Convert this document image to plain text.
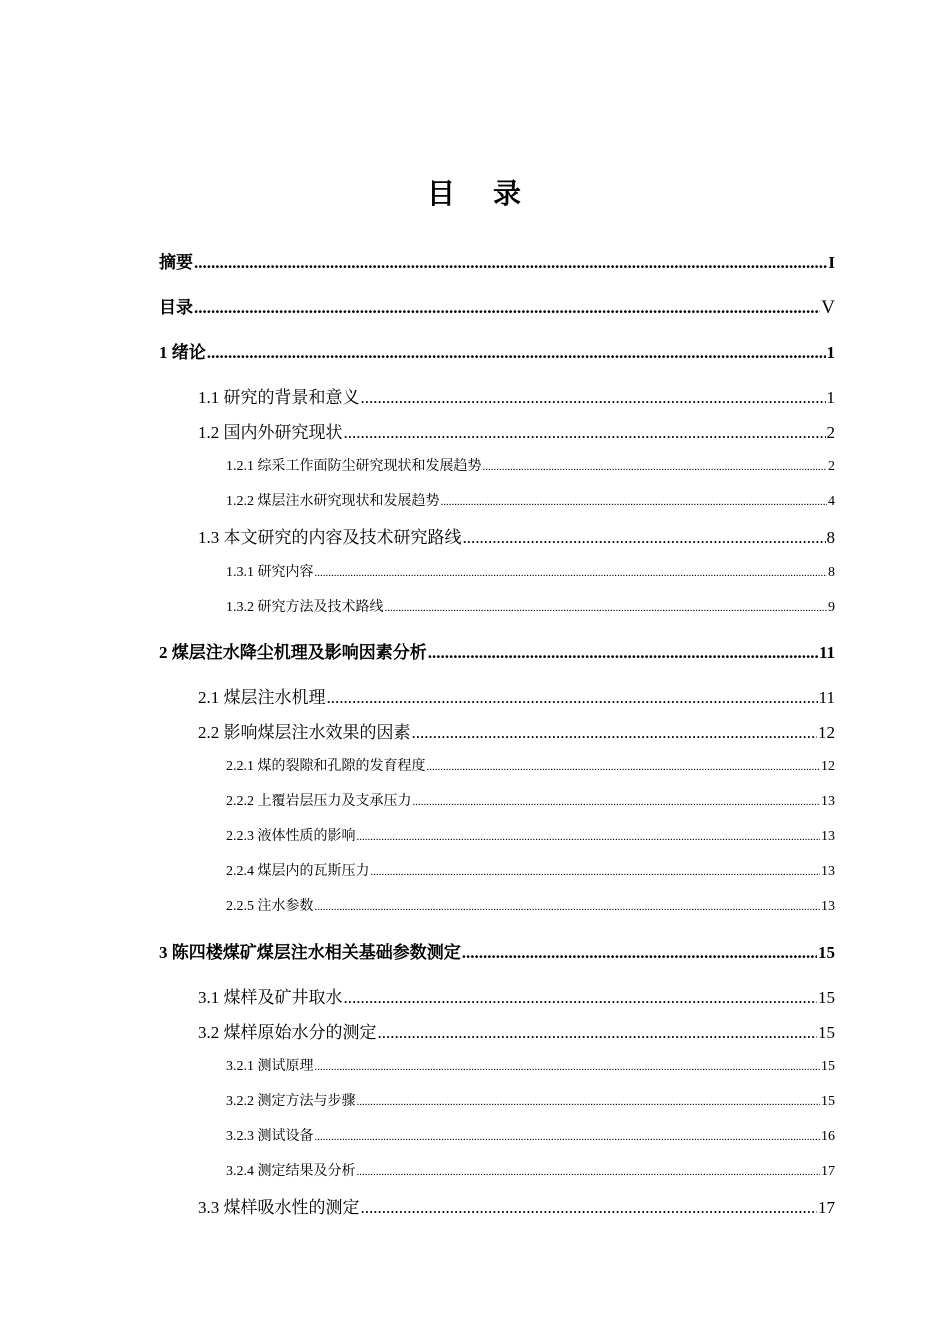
目 录
摘要 .....	I
目录 .....	V
1 绪论 .....	1
1.1 研究的背景和意义 .....	1
1.2 国内外研究现状 .....	2
1.2.1 综采工作面防尘研究现状和发展趋势 .....	2
1.2.2 煤层注水研究现状和发展趋势 .....	4
1.3 本文研究的内容及技术研究路线 .....	8
1.3.1 研究内容 .....	8
1.3.2 研究方法及技术路线 .....	9
2 煤层注水降尘机理及影响因素分析 .....	11
2.1 煤层注水机理 .....	11
2.2 影响煤层注水效果的因素 .....	12
2.2.1 煤的裂隙和孔隙的发育程度 .....	12
2.2.2 上覆岩层压力及支承压力 .....	13
2.2.3 液体性质的影响 .....	13
2.2.4 煤层内的瓦斯压力 .....	13
2.2.5 注水参数 .....	13
3 陈四楼煤矿煤层注水相关基础参数测定 .....	15
3.1 煤样及矿井取水 .....	15
3.2 煤样原始水分的测定 .....	15
3.2.1 测试原理 .....	15
3.2.2 测定方法与步骤 .....	15
3.2.3 测试设备 .....	16
3.2.4 测定结果及分析 .....	17
3.3 煤样吸水性的测定 .....	17
